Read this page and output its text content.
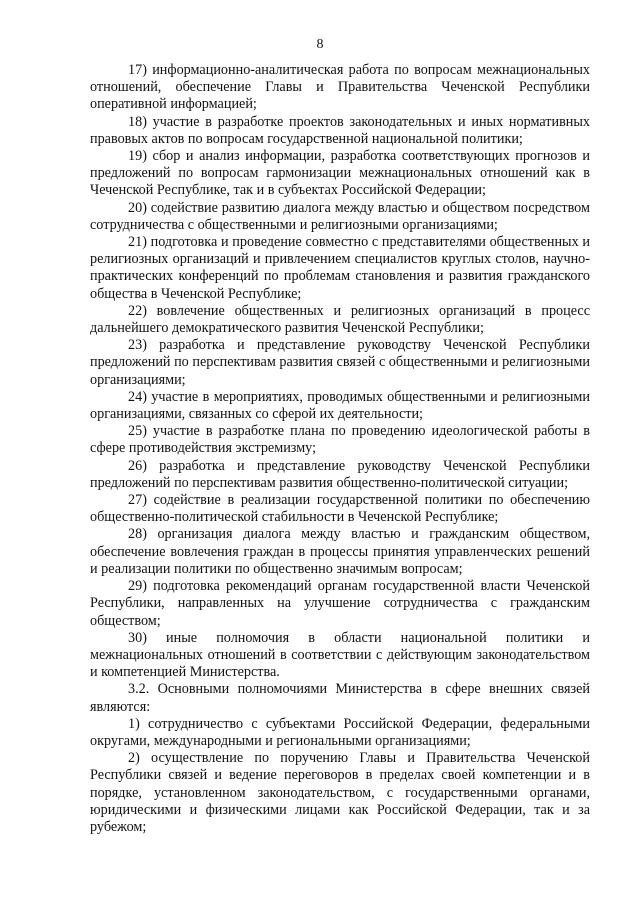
8

17) информационно-аналитическая работа по вопросам межнациональных отношений, обеспечение Главы и Правительства Чеченской Республики оперативной информацией;

18) участие в разработке проектов законодательных и иных нормативных правовых актов по вопросам государственной национальной политики;

19) сбор и анализ информации, разработка соответствующих прогнозов и предложений по вопросам гармонизации межнациональных отношений как в Чеченской Республике, так и в субъектах Российской Федерации;

20) содействие развитию диалога между властью и обществом посредством сотрудничества с общественными и религиозными организациями;

21) подготовка и проведение совместно с представителями общественных и религиозных организаций и привлечением специалистов круглых столов, научно-практических конференций по проблемам становления и развития гражданского общества в Чеченской Республике;

22) вовлечение общественных и религиозных организаций в процесс дальнейшего демократического развития Чеченской Республики;

23) разработка и представление руководству Чеченской Республики предложений по перспективам развития связей с общественными и религиозными организациями;

24) участие в мероприятиях, проводимых общественными и религиозными организациями, связанных со сферой их деятельности;

25) участие в разработке плана по проведению идеологической работы в сфере противодействия экстремизму;

26) разработка и представление руководству Чеченской Республики предложений по перспективам развития общественно-политической ситуации;

27) содействие в реализации государственной политики по обеспечению общественно-политической стабильности в Чеченской Республике;

28) организация диалога между властью и гражданским обществом, обеспечение вовлечения граждан в процессы принятия управленческих решений и реализации политики по общественно значимым вопросам;

29) подготовка рекомендаций органам государственной власти Чеченской Республики, направленных на улучшение сотрудничества с гражданским обществом;

30) иные полномочия в области национальной политики и межнациональных отношений в соответствии с действующим законодательством и компетенцией Министерства.

3.2. Основными полномочиями Министерства в сфере внешних связей являются:

1) сотрудничество с субъектами Российской Федерации, федеральными округами, международными и региональными организациями;

2) осуществление по поручению Главы и Правительства Чеченской Республики связей и ведение переговоров в пределах своей компетенции и в порядке, установленном законодательством, с государственными органами, юридическими и физическими лицами как Российской Федерации, так и за рубежом;
